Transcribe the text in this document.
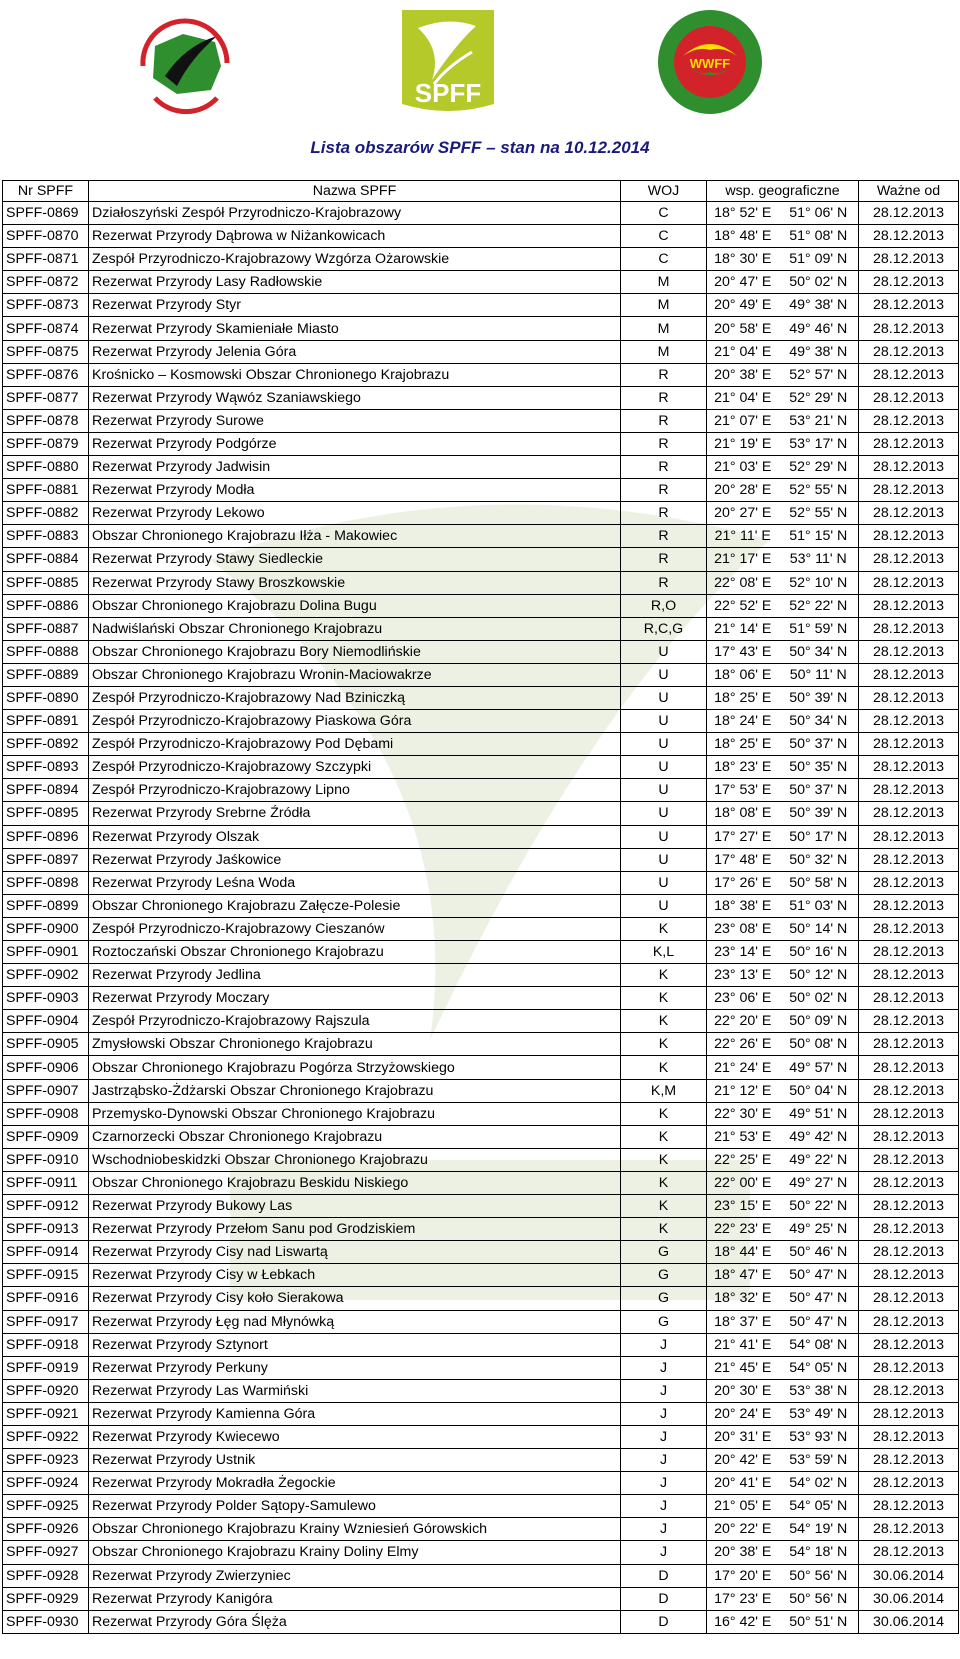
SPFF
WWFF
Lista obszarów SPFF – stan na 10.12.2014
Nr SPFF	Nazwa SPFF	WOJ	wsp. geograficzne		Ważne od
SPFF-0869	Działoszyński Zespół Przyrodniczo-Krajobrazowy	C	18° 52' E	51° 06' N	28.12.2013
SPFF-0870	Rezerwat Przyrody Dąbrowa w Niżankowicach	C	18° 48' E	51° 08' N	28.12.2013
SPFF-0871	Zespół Przyrodniczo-Krajobrazowy Wzgórza Ożarowskie	C	18° 30' E	51° 09' N	28.12.2013
SPFF-0872	Rezerwat Przyrody Lasy Radłowskie	M	20° 47' E	50° 02' N	28.12.2013
SPFF-0873	Rezerwat Przyrody Styr	M	20° 49' E	49° 38' N	28.12.2013
SPFF-0874	Rezerwat Przyrody Skamieniałe Miasto	M	20° 58' E	49° 46' N	28.12.2013
SPFF-0875	Rezerwat Przyrody Jelenia Góra	M	21° 04' E	49° 38' N	28.12.2013
SPFF-0876	Krośnicko – Kosmowski Obszar Chronionego Krajobrazu	R	20° 38' E	52° 57' N	28.12.2013
SPFF-0877	Rezerwat Przyrody Wąwóz Szaniawskiego	R	21° 04' E	52° 29' N	28.12.2013
SPFF-0878	Rezerwat Przyrody Surowe	R	21° 07' E	53° 21' N	28.12.2013
SPFF-0879	Rezerwat Przyrody Podgórze	R	21° 19' E	53° 17' N	28.12.2013
SPFF-0880	Rezerwat Przyrody Jadwisin	R	21° 03' E	52° 29' N	28.12.2013
SPFF-0881	Rezerwat Przyrody Modła	R	20° 28' E	52° 55' N	28.12.2013
SPFF-0882	Rezerwat Przyrody Lekowo	R	20° 27' E	52° 55' N	28.12.2013
SPFF-0883	Obszar Chronionego Krajobrazu Iłża - Makowiec	R	21° 11' E	51° 15' N	28.12.2013
SPFF-0884	Rezerwat Przyrody Stawy Siedleckie	R	21° 17' E	53° 11' N	28.12.2013
SPFF-0885	Rezerwat Przyrody Stawy Broszkowskie	R	22° 08' E	52° 10' N	28.12.2013
SPFF-0886	Obszar Chronionego Krajobrazu Dolina Bugu	R,O	22° 52' E	52° 22' N	28.12.2013
SPFF-0887	Nadwiślański Obszar Chronionego Krajobrazu	R,C,G	21° 14' E	51° 59' N	28.12.2013
SPFF-0888	Obszar Chronionego Krajobrazu Bory Niemodlińskie	U	17° 43' E	50° 34' N	28.12.2013
SPFF-0889	Obszar Chronionego Krajobrazu Wronin-Maciowakrze	U	18° 06' E	50° 11' N	28.12.2013
SPFF-0890	Zespół Przyrodniczo-Krajobrazowy Nad Bziniczką	U	18° 25' E	50° 39' N	28.12.2013
SPFF-0891	Zespół Przyrodniczo-Krajobrazowy Piaskowa Góra	U	18° 24' E	50° 34' N	28.12.2013
SPFF-0892	Zespół Przyrodniczo-Krajobrazowy Pod Dębami	U	18° 25' E	50° 37' N	28.12.2013
SPFF-0893	Zespół Przyrodniczo-Krajobrazowy Szczypki	U	18° 23' E	50° 35' N	28.12.2013
SPFF-0894	Zespół Przyrodniczo-Krajobrazowy Lipno	U	17° 53' E	50° 37' N	28.12.2013
SPFF-0895	Rezerwat Przyrody Srebrne Źródła	U	18° 08' E	50° 39' N	28.12.2013
SPFF-0896	Rezerwat Przyrody Olszak	U	17° 27' E	50° 17' N	28.12.2013
SPFF-0897	Rezerwat Przyrody Jaśkowice	U	17° 48' E	50° 32' N	28.12.2013
SPFF-0898	Rezerwat Przyrody Leśna Woda	U	17° 26' E	50° 58' N	28.12.2013
SPFF-0899	Obszar Chronionego Krajobrazu Załęcze-Polesie	U	18° 38' E	51° 03' N	28.12.2013
SPFF-0900	Zespół Przyrodniczo-Krajobrazowy Cieszanów	K	23° 08' E	50° 14' N	28.12.2013
SPFF-0901	Roztoczański Obszar Chronionego Krajobrazu	K,L	23° 14' E	50° 16' N	28.12.2013
SPFF-0902	Rezerwat Przyrody Jedlina	K	23° 13' E	50° 12' N	28.12.2013
SPFF-0903	Rezerwat Przyrody Moczary	K	23° 06' E	50° 02' N	28.12.2013
SPFF-0904	Zespół Przyrodniczo-Krajobrazowy Rajszula	K	22° 20' E	50° 09' N	28.12.2013
SPFF-0905	Zmysłowski Obszar Chronionego Krajobrazu	K	22° 26' E	50° 08' N	28.12.2013
SPFF-0906	Obszar Chronionego Krajobrazu Pogórza Strzyżowskiego	K	21° 24' E	49° 57' N	28.12.2013
SPFF-0907	Jastrząbsko-Żdżarski Obszar Chronionego Krajobrazu	K,M	21° 12' E	50° 04' N	28.12.2013
SPFF-0908	Przemysko-Dynowski Obszar Chronionego Krajobrazu	K	22° 30' E	49° 51' N	28.12.2013
SPFF-0909	Czarnorzecki Obszar Chronionego Krajobrazu	K	21° 53' E	49° 42' N	28.12.2013
SPFF-0910	Wschodniobeskidzki Obszar Chronionego Krajobrazu	K	22° 25' E	49° 22' N	28.12.2013
SPFF-0911	Obszar Chronionego Krajobrazu Beskidu Niskiego	K	22° 00' E	49° 27' N	28.12.2013
SPFF-0912	Rezerwat Przyrody Bukowy Las	K	23° 15' E	50° 22' N	28.12.2013
SPFF-0913	Rezerwat Przyrody Przełom Sanu pod Grodziskiem	K	22° 23' E	49° 25' N	28.12.2013
SPFF-0914	Rezerwat Przyrody Cisy nad Liswartą	G	18° 44' E	50° 46' N	28.12.2013
SPFF-0915	Rezerwat Przyrody Cisy w Łebkach	G	18° 47' E	50° 47' N	28.12.2013
SPFF-0916	Rezerwat Przyrody Cisy koło Sierakowa	G	18° 32' E	50° 47' N	28.12.2013
SPFF-0917	Rezerwat Przyrody Łęg nad Młynówką	G	18° 37' E	50° 47' N	28.12.2013
SPFF-0918	Rezerwat Przyrody Sztynort	J	21° 41' E	54° 08' N	28.12.2013
SPFF-0919	Rezerwat Przyrody Perkuny	J	21° 45' E	54° 05' N	28.12.2013
SPFF-0920	Rezerwat Przyrody Las Warmiński	J	20° 30' E	53° 38' N	28.12.2013
SPFF-0921	Rezerwat Przyrody Kamienna Góra	J	20° 24' E	53° 49' N	28.12.2013
SPFF-0922	Rezerwat Przyrody Kwiecewo	J	20° 31' E	53° 93' N	28.12.2013
SPFF-0923	Rezerwat Przyrody Ustnik	J	20° 42' E	53° 59' N	28.12.2013
SPFF-0924	Rezerwat Przyrody Mokradła Żegockie	J	20° 41' E	54° 02' N	28.12.2013
SPFF-0925	Rezerwat Przyrody Polder Sątopy-Samulewo	J	21° 05' E	54° 05' N	28.12.2013
SPFF-0926	Obszar Chronionego Krajobrazu Krainy Wzniesień Górowskich	J	20° 22' E	54° 19' N	28.12.2013
SPFF-0927	Obszar Chronionego Krajobrazu Krainy Doliny Elmy	J	20° 38' E	54° 18' N	28.12.2013
SPFF-0928	Rezerwat Przyrody Zwierzyniec	D	17° 20' E	50° 56' N	30.06.2014
SPFF-0929	Rezerwat Przyrody Kanigóra	D	17° 23' E	50° 56' N	30.06.2014
SPFF-0930	Rezerwat Przyrody Góra Ślęża	D	16° 42' E	50° 51' N	30.06.2014
